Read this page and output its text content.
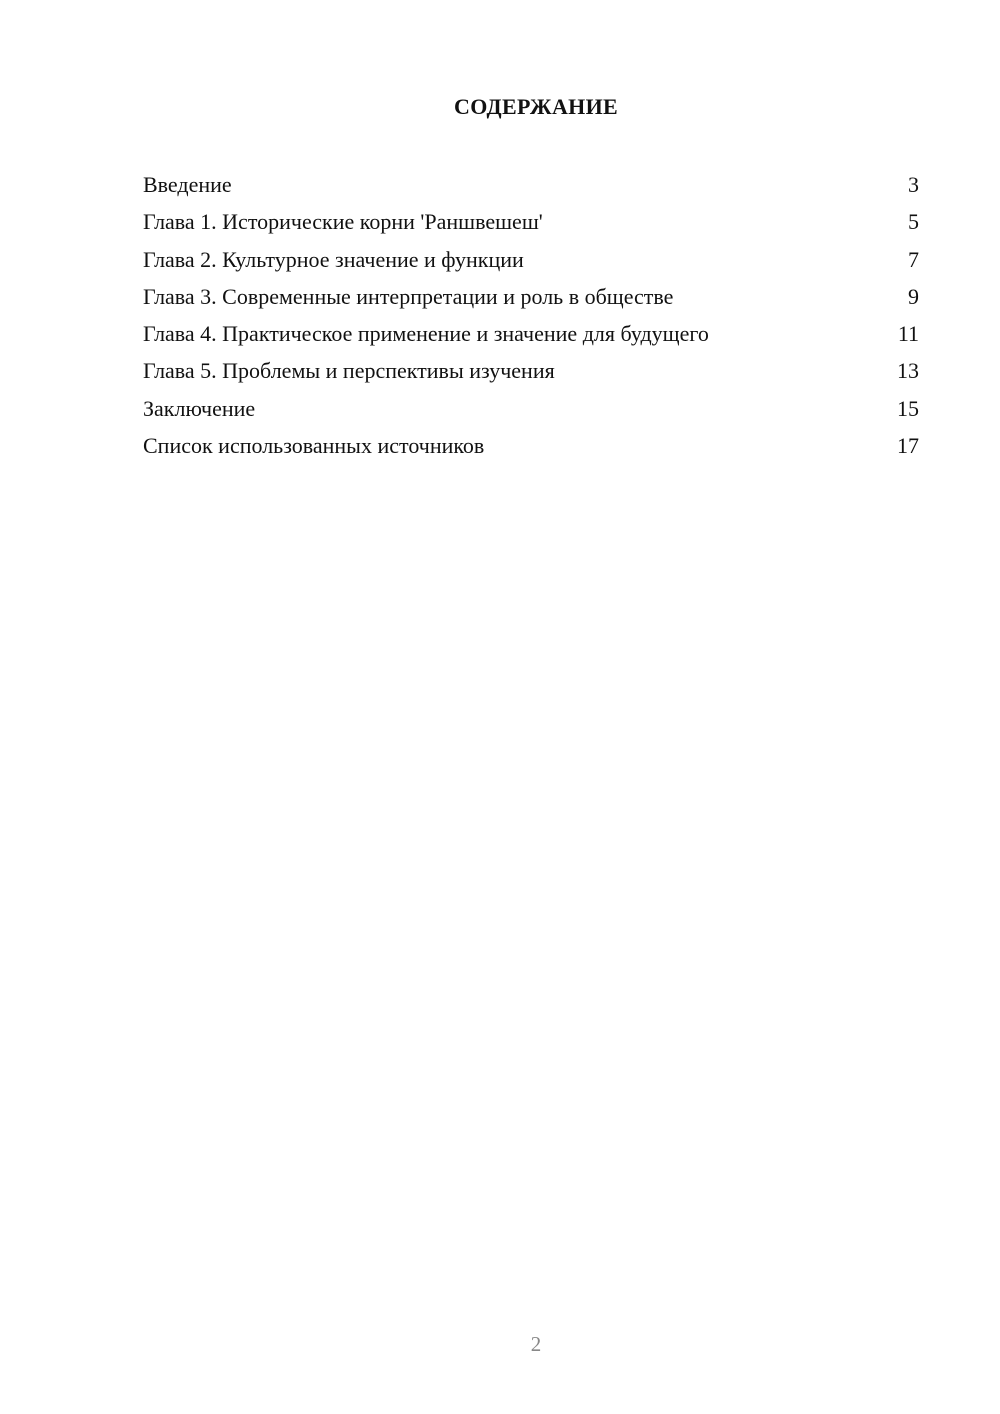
СОДЕРЖАНИЕ
Введение	3
Глава 1. Исторические корни 'Раншвешеш'	5
Глава 2. Культурное значение и функции	7
Глава 3. Современные интерпретации и роль в обществе	9
Глава 4. Практическое применение и значение для будущего	11
Глава 5. Проблемы и перспективы изучения	13
Заключение	15
Список использованных источников	17
2
